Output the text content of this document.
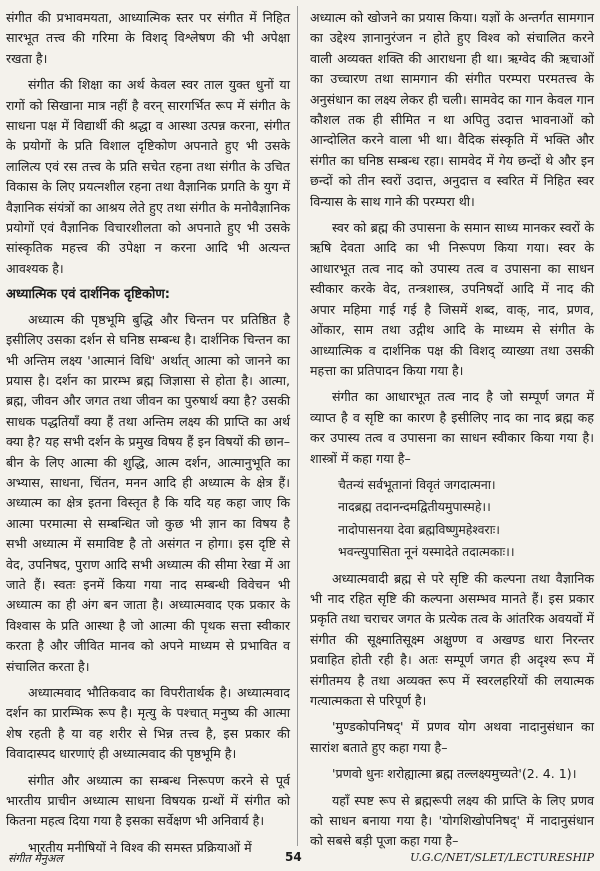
संगीत की प्रभावमयता, आध्यात्मिक स्तर पर संगीत में निहित सारभूत तत्त्व की गरिमा के विशद् विश्लेषण की भी अपेक्षा रखता है।

संगीत की शिक्षा का अर्थ केवल स्वर ताल युक्त धुनों या रागों को सिखाना मात्र नहीं है वरन् सारगर्भित रूप में संगीत के साधना पक्ष में विद्यार्थी की श्रद्धा व आस्था उत्पन्न करना, संगीत के प्रयोगों के प्रति विशाल दृष्टिकोण अपनाते हुए भी उसके लालित्य एवं रस तत्त्व के प्रति सचेत रहना तथा संगीत के उचित विकास के लिए प्रयत्नशील रहना तथा वैज्ञानिक प्रगति के युग में वैज्ञानिक संयंत्रों का आश्रय लेते हुए तथा संगीत के मनोवैज्ञानिक प्रयोगों एवं वैज्ञानिक विचारशीलता को अपनाते हुए भी उसके सांस्कृतिक महत्त्व की उपेक्षा न करना आदि भी अत्यन्त आवश्यक है।

अध्यात्मिक एवं दार्शनिक दृष्टिकोण:

अध्यात्म की पृष्ठभूमि बुद्धि और चिन्तन पर प्रतिष्ठित है इसीलिए उसका दर्शन से घनिष्ठ सम्बन्ध है। दार्शनिक चिन्तन का भी अन्तिम लक्ष्य 'आत्मानं विधि' अर्थात् आत्मा को जानने का प्रयास है। दर्शन का प्रारम्भ ब्रह्म जिज्ञासा से होता है। आत्मा, ब्रह्म, जीवन और जगत तथा जीवन का पुरुषार्थ क्या है? उसकी साधक पद्धतियाँ क्या हैं तथा अन्तिम लक्ष्य की प्राप्ति का अर्थ क्या है? यह सभी दर्शन के प्रमुख विषय हैं इन विषयों की छान–बीन के लिए आत्मा की शुद्धि, आत्म दर्शन, आत्मानुभूति का अभ्यास, साधना, चिंतन, मनन आदि ही अध्यात्म के क्षेत्र हैं। अध्यात्म का क्षेत्र इतना विस्तृत है कि यदि यह कहा जाए कि आत्मा परमात्मा से सम्बन्धित जो कुछ भी ज्ञान का विषय है सभी अध्यात्म में समाविष्ट है तो असंगत न होगा। इस दृष्टि से वेद, उपनिषद, पुराण आदि सभी अध्यात्म की सीमा रेखा में आ जाते हैं। स्वतः इनमें किया गया नाद सम्बन्धी विवेचन भी अध्यात्म का ही अंग बन जाता है। अध्यात्मवाद एक प्रकार के विश्वास के प्रति आस्था है जो आत्मा की पृथक सत्ता स्वीकार करता है और जीवित मानव को अपने माध्यम से प्रभावित व संचालित करता है।

अध्यात्मवाद भौतिकवाद का विपरीतार्थक है। अध्यात्मवाद दर्शन का प्रारम्भिक रूप है। मृत्यु के पश्चात् मनुष्य की आत्मा शेष रहती है या वह शरीर से भिन्न तत्त्व है, इस प्रकार की विवादास्पद धारणाएं ही अध्यात्मवाद की पृष्ठभूमि है।

संगीत और अध्यात्म का सम्बन्ध निरूपण करने से पूर्व भारतीय प्राचीन अध्यात्म साधना विषयक ग्रन्थों में संगीत को कितना महत्व दिया गया है इसका सर्वेक्षण भी अनिवार्य है।

भारतीय मनीषियों ने विश्व की समस्त प्रक्रियाओं में

अध्यात्म को खोजने का प्रयास किया। यज्ञों के अन्तर्गत सामगान का उद्देश्य ज्ञानानुरंजन न होते हुए विश्व को संचालित करने वाली अव्यक्त शक्ति की आराधना ही था। ऋग्वेद की ऋचाओं का उच्चारण तथा सामगान की संगीत परम्परा परमतत्त्व के अनुसंधान का लक्ष्य लेकर ही चली। सामवेद का गान केवल गान कौशल तक ही सीमित न था अपितु उदात्त भावनाओं को आन्दोलित करने वाला भी था। वैदिक संस्कृति में भक्ति और संगीत का घनिष्ठ सम्बन्ध रहा। सामवेद में गेय छन्दों थे और इन छन्दों को तीन स्वरों उदात्त, अनुदात्त व स्वरित में निहित स्वर विन्यास के साथ गाने की परम्परा थी।

स्वर को ब्रह्म की उपासना के समान साध्य मानकर स्वरों के ऋषि देवता आदि का भी निरूपण किया गया। स्वर के आधारभूत तत्व नाद को उपास्य तत्व व उपासना का साधन स्वीकार करके वेद, तन्त्रशास्त्र, उपनिषदों आदि में नाद की अपार महिमा गाई गई है जिसमें शब्द, वाक्, नाद, प्रणव, ओंकार, साम तथा उद्गीथ आदि के माध्यम से संगीत के आध्यात्मिक व दार्शनिक पक्ष की विशद् व्याख्या तथा उसकी महत्ता का प्रतिपादन किया गया है।

संगीत का आधारभूत तत्व नाद है जो सम्पूर्ण जगत में व्याप्त है व सृष्टि का कारण है इसीलिए नाद का नाद ब्रह्म कह कर उपास्य तत्व व उपासना का साधन स्वीकार किया गया है। शास्त्रों में कहा गया है–

चैतन्यं सर्वभूतानां विवृतं जगदात्मना।
नादब्रह्म तदानन्दमद्वितीयमुपास्महे।।
नादोपासनया देवा ब्रह्मविष्णुमहेश्वराः।
भवन्त्युपासिता नूनं यस्मादेते तदात्मकाः।।

अध्यात्मवादी ब्रह्म से परे सृष्टि की कल्पना तथा वैज्ञानिक भी नाद रहित सृष्टि की कल्पना असम्भव मानते हैं। इस प्रकार प्रकृति तथा चराचर जगत के प्रत्येक तत्व के आंतरिक अवयवों में संगीत की सूक्ष्मातिसूक्ष्म अक्षुण्ण व अखण्ड धारा निरन्तर प्रवाहित होती रही है। अतः सम्पूर्ण जगत ही अदृश्य रूप में संगीतमय है तथा अव्यक्त रूप में स्वरलहरियों की लयात्मक गत्यात्मकता से परिपूर्ण है।

'मुण्डकोपनिषद्' में प्रणव योग अथवा नादानुसंधान का सारांश बताते हुए कहा गया है–

'प्रणवो धुनः शरोह्यात्मा ब्रह्म तल्लक्ष्यमुच्यते'(2. 4. 1)।

यहाँ स्पष्ट रूप से ब्रह्मरूपी लक्ष्य की प्राप्ति के लिए प्रणव को साधन बनाया गया है। 'योगशिखोपनिषद्' में नादानुसंधान को सबसे बड़ी पूजा कहा गया है–

संगीत मैनुअल	54	U.G.C/NET/SLET/LECTURESHIP
